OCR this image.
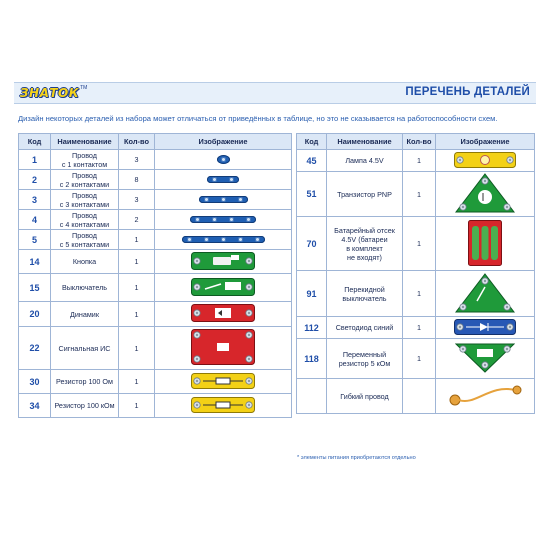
ЗНАТОК TM	ПЕРЕЧЕНЬ ДЕТАЛЕЙ
Дизайн некоторых деталей из набора может отличаться от приведённых в таблице, но это не сказывается на работоспособности схем.
Код	Наименование	Кол-во	Изображение
1	Провод
с 1 контактом	3	

2	Провод
с 2 контактами	8	

3	Провод
с 3 контактами	3	

4	Провод
с 4 контактами	2	

5	Провод
с 5 контактами	1	

14	Кнопка	1	
15	Выключатель	1	
20	Динамик	1	
22	Сигнальная ИС	1	
30	Резистор 100 Ом	1	
34	Резистор 100 кОм	1	
Код	Наименование	Кол-во	Изображение
45	Лампа 4.5V	1	
51	Транзистор PNP	1	
70	Батарейный отсек
4.5V (батареи
в комплект
не входят)	1	
91	Перекидной
выключатель	1	
112	Светодиод синий	1	
118	Переменный
резистор 5 кОм	1	
	Гибкий провод		
* элементы питания приобретаются отдельно
